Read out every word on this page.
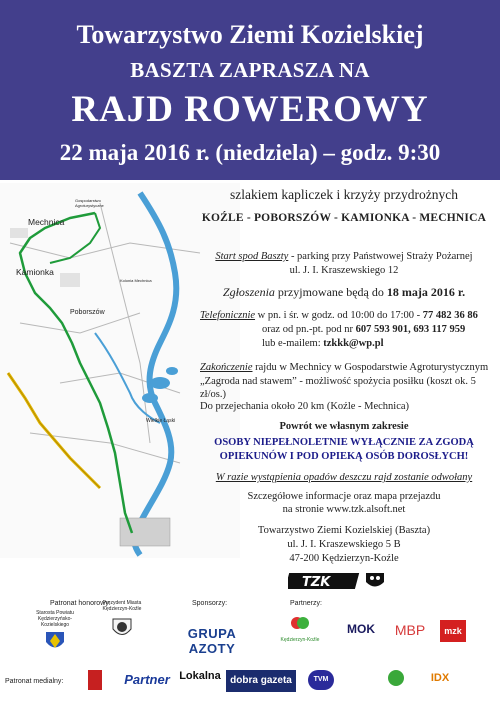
Towarzystwo Ziemi Kozielskiej
BASZTA ZAPRASZA NA
RAJD ROWEROWY
22 maja 2016 r. (niedziela) – godz. 9:30
Mechnica
Kamionka
Poborszów
Wielkie Łąski
Gospodarstwo Agroturystyczne
Kolonia Mechnica
szlakiem kapliczek i krzyży przydrożnych
KOŹLE - POBORSZÓW - KAMIONKA - MECHNICA
Start spod Baszty - parking przy Państwowej Straży Pożarnej
ul. J. I. Kraszewskiego 12
Zgłoszenia przyjmowane będą do 18 maja 2016 r.
Telefonicznie w pn. i śr. w godz. od 10:00 do 17:00 - 77 482 36 86
oraz od pn.-pt. pod nr 607 593 901, 693 117 959
lub e-mailem: tzkkk@wp.pl
Zakończenie rajdu w Mechnicy w Gospodarstwie Agroturystycznym
„Zagroda nad stawem” - możliwość spożycia posiłku (koszt ok. 5 zł/os.)
Do przejechania około 20 km (Koźle - Mechnica)
Powrót we własnym zakresie
OSOBY NIEPEŁNOLETNIE WYŁĄCZNIE ZA ZGODĄ
OPIEKUNÓW I POD OPIEKĄ OSÓB DOROSŁYCH!
W razie wystąpienia opadów deszczu rajd zostanie odwołany
Szczegółowe informacje oraz mapa przejazdu
na stronie www.tzk.alsoft.net
Towarzystwo Ziemi Kozielskiej (Baszta)
ul. J. I. Kraszewskiego 5 B
47-200 Kędzierzyn-Koźle
TZK
Patronat honorowy:	Sponsorzy:	Partnerzy:
Starosta Powiatu Kędzierzyńsko-Kozielskiego
Prezydent Miasta Kędzierzyn-Koźle
GRUPA AZOTY
Kędzierzyn-Koźle
MOK	MBP	mzk
Patronat medialny:	Partner Lokalna dobra gazeta	TVM	IDX
